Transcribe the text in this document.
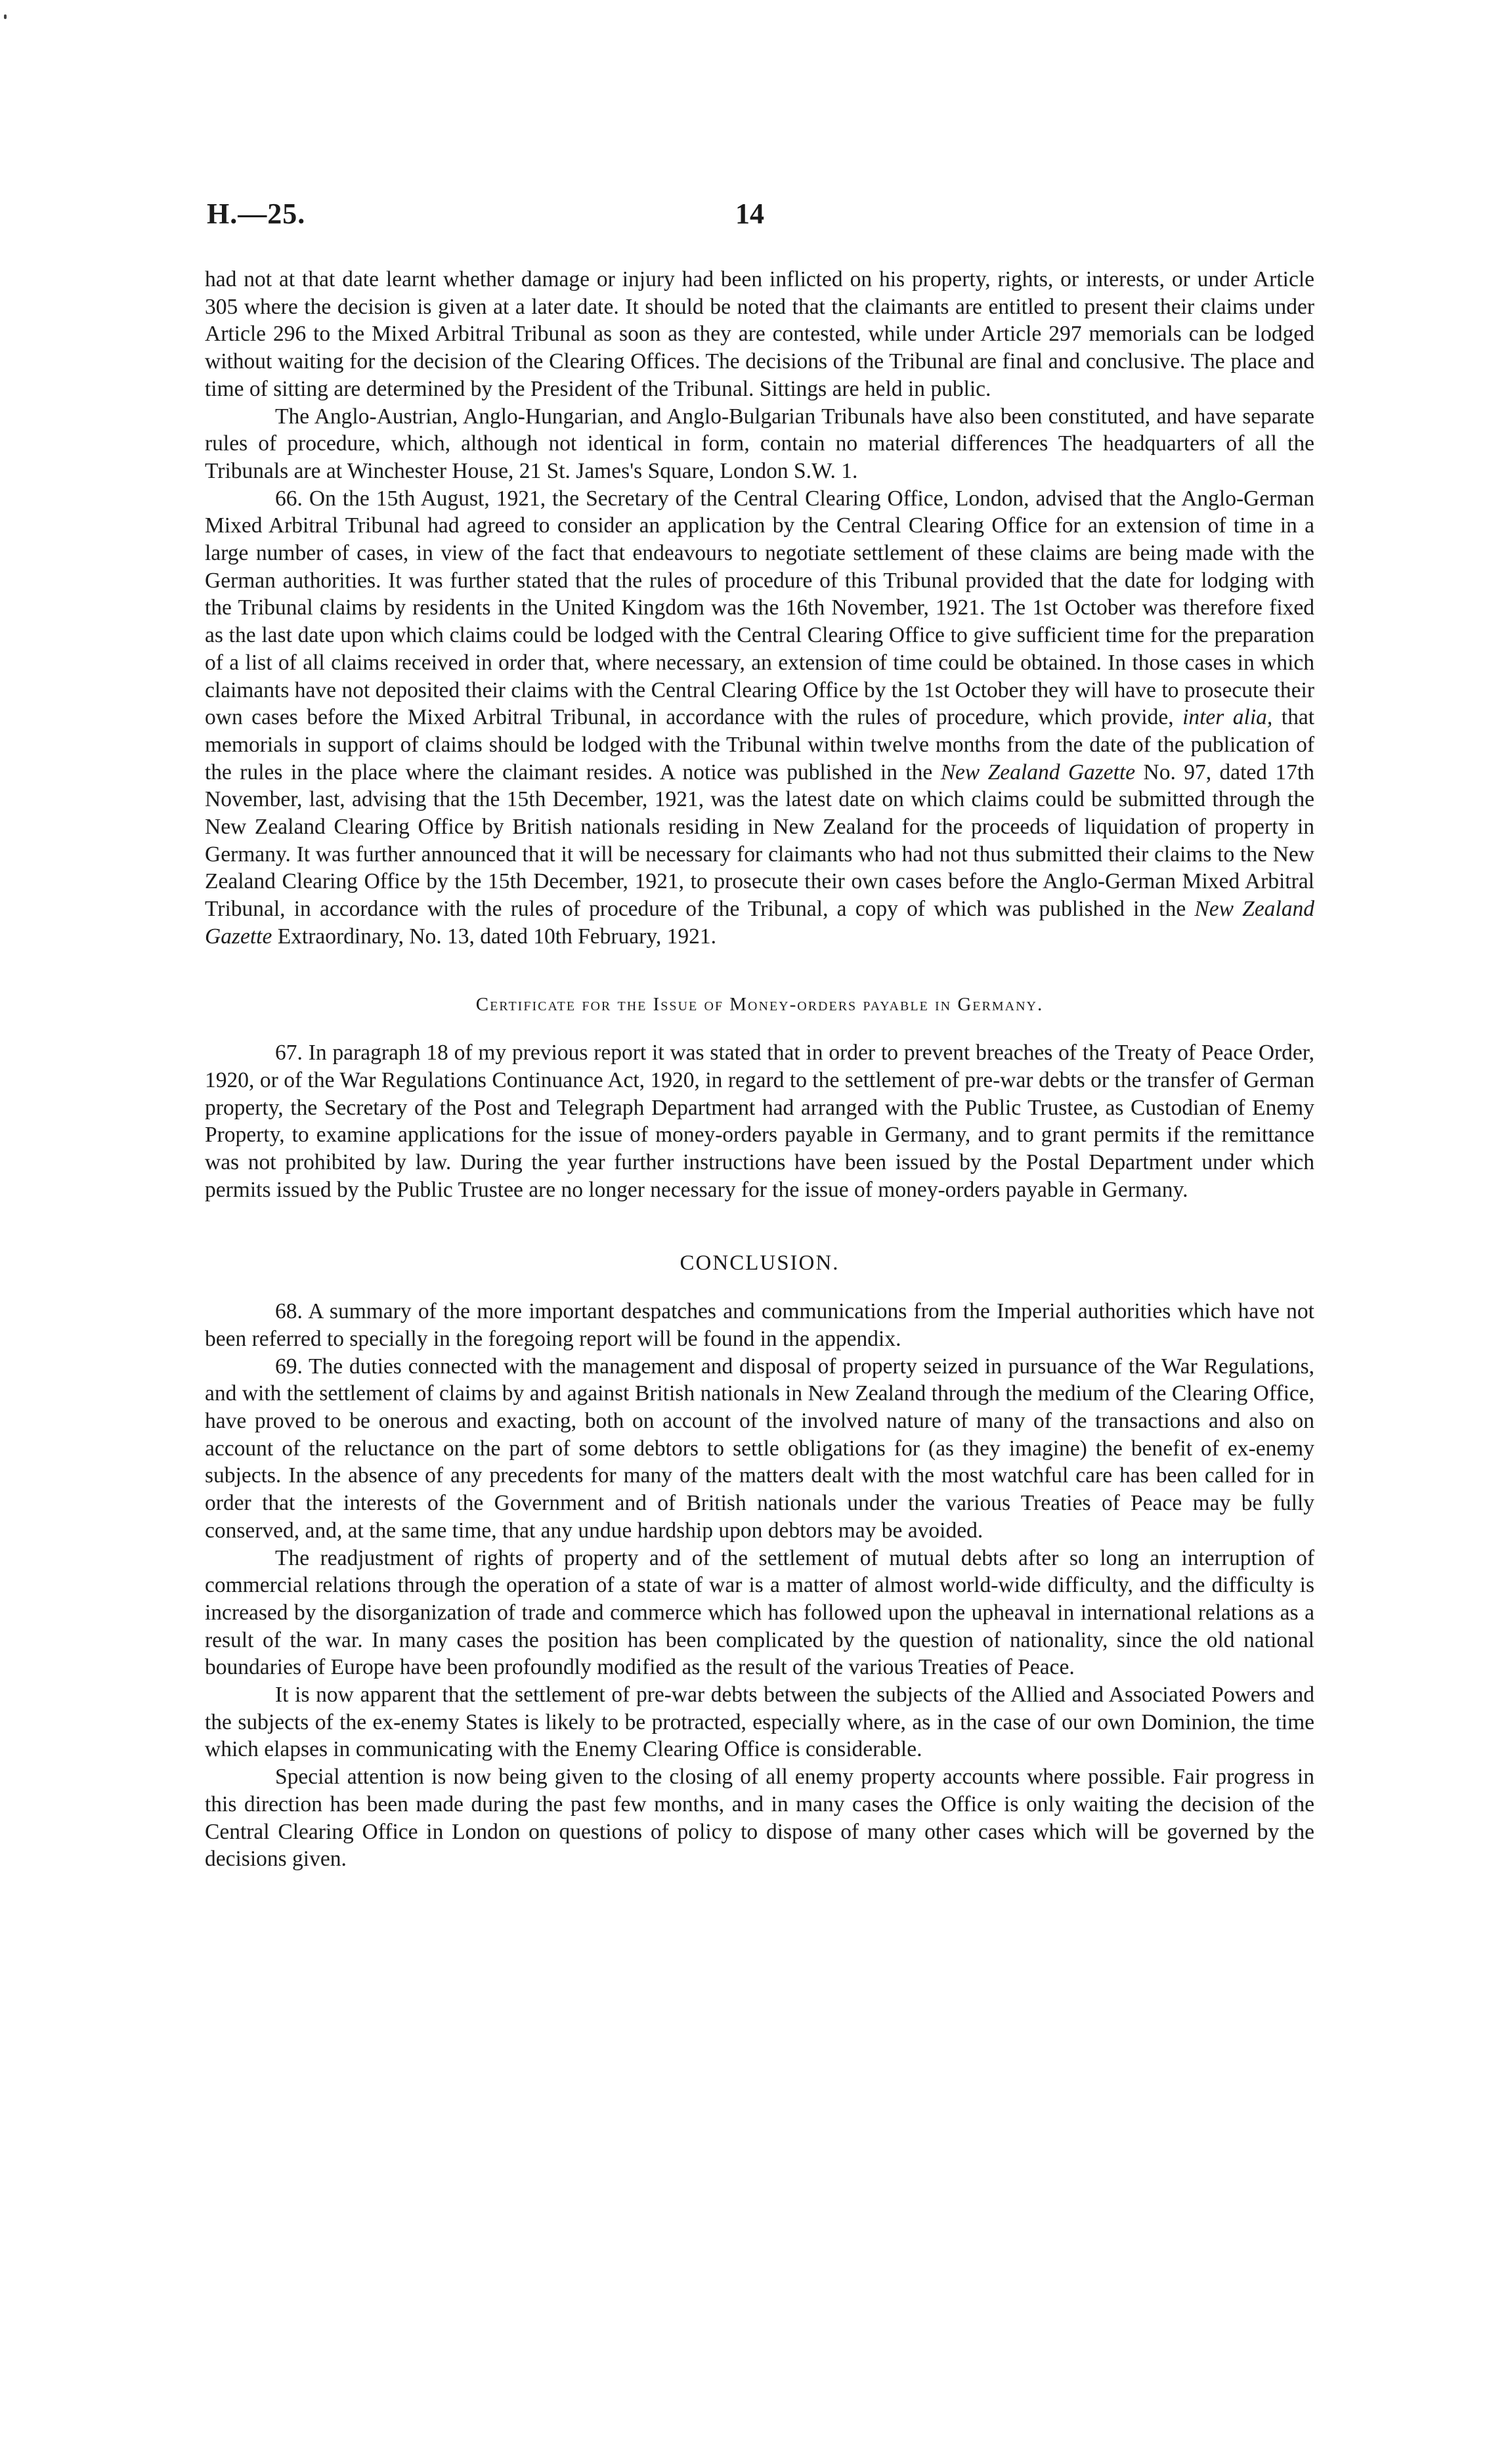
H.—25.	14

had not at that date learnt whether damage or injury had been inflicted on his property, rights, or interests, or under Article 305 where the decision is given at a later date. It should be noted that the claimants are entitled to present their claims under Article 296 to the Mixed Arbitral Tribunal as soon as they are contested, while under Article 297 memorials can be lodged without waiting for the decision of the Clearing Offices. The decisions of the Tribunal are final and conclusive. The place and time of sitting are determined by the President of the Tribunal. Sittings are held in public.

The Anglo-Austrian, Anglo-Hungarian, and Anglo-Bulgarian Tribunals have also been constituted, and have separate rules of procedure, which, although not identical in form, contain no material differences The headquarters of all the Tribunals are at Winchester House, 21 St. James's Square, London S.W. 1.

66. On the 15th August, 1921, the Secretary of the Central Clearing Office, London, advised that the Anglo-German Mixed Arbitral Tribunal had agreed to consider an application by the Central Clearing Office for an extension of time in a large number of cases, in view of the fact that endeavours to negotiate settlement of these claims are being made with the German authorities. It was further stated that the rules of procedure of this Tribunal provided that the date for lodging with the Tribunal claims by residents in the United Kingdom was the 16th November, 1921. The 1st October was therefore fixed as the last date upon which claims could be lodged with the Central Clearing Office to give sufficient time for the preparation of a list of all claims received in order that, where necessary, an extension of time could be obtained. In those cases in which claimants have not deposited their claims with the Central Clearing Office by the 1st October they will have to prosecute their own cases before the Mixed Arbitral Tribunal, in accordance with the rules of procedure, which provide, inter alia, that memorials in support of claims should be lodged with the Tribunal within twelve months from the date of the publication of the rules in the place where the claimant resides. A notice was published in the New Zealand Gazette No. 97, dated 17th November, last, advising that the 15th December, 1921, was the latest date on which claims could be submitted through the New Zealand Clearing Office by British nationals residing in New Zealand for the proceeds of liquidation of property in Germany. It was further announced that it will be necessary for claimants who had not thus submitted their claims to the New Zealand Clearing Office by the 15th December, 1921, to prosecute their own cases before the Anglo-German Mixed Arbitral Tribunal, in accordance with the rules of procedure of the Tribunal, a copy of which was published in the New Zealand Gazette Extraordinary, No. 13, dated 10th February, 1921.

Certificate for the Issue of Money-orders payable in Germany.

67. In paragraph 18 of my previous report it was stated that in order to prevent breaches of the Treaty of Peace Order, 1920, or of the War Regulations Continuance Act, 1920, in regard to the settlement of pre-war debts or the transfer of German property, the Secretary of the Post and Telegraph Department had arranged with the Public Trustee, as Custodian of Enemy Property, to examine applications for the issue of money-orders payable in Germany, and to grant permits if the remittance was not prohibited by law. During the year further instructions have been issued by the Postal Department under which permits issued by the Public Trustee are no longer necessary for the issue of money-orders payable in Germany.

CONCLUSION.

68. A summary of the more important despatches and communications from the Imperial authorities which have not been referred to specially in the foregoing report will be found in the appendix.

69. The duties connected with the management and disposal of property seized in pursuance of the War Regulations, and with the settlement of claims by and against British nationals in New Zealand through the medium of the Clearing Office, have proved to be onerous and exacting, both on account of the involved nature of many of the transactions and also on account of the reluctance on the part of some debtors to settle obligations for (as they imagine) the benefit of ex-enemy subjects. In the absence of any precedents for many of the matters dealt with the most watchful care has been called for in order that the interests of the Government and of British nationals under the various Treaties of Peace may be fully conserved, and, at the same time, that any undue hardship upon debtors may be avoided.

The readjustment of rights of property and of the settlement of mutual debts after so long an interruption of commercial relations through the operation of a state of war is a matter of almost world-wide difficulty, and the difficulty is increased by the disorganization of trade and commerce which has followed upon the upheaval in international relations as a result of the war. In many cases the position has been complicated by the question of nationality, since the old national boundaries of Europe have been profoundly modified as the result of the various Treaties of Peace.

It is now apparent that the settlement of pre-war debts between the subjects of the Allied and Associated Powers and the subjects of the ex-enemy States is likely to be protracted, especially where, as in the case of our own Dominion, the time which elapses in communicating with the Enemy Clearing Office is considerable.

Special attention is now being given to the closing of all enemy property accounts where possible. Fair progress in this direction has been made during the past few months, and in many cases the Office is only waiting the decision of the Central Clearing Office in London on questions of policy to dispose of many other cases which will be governed by the decisions given.
